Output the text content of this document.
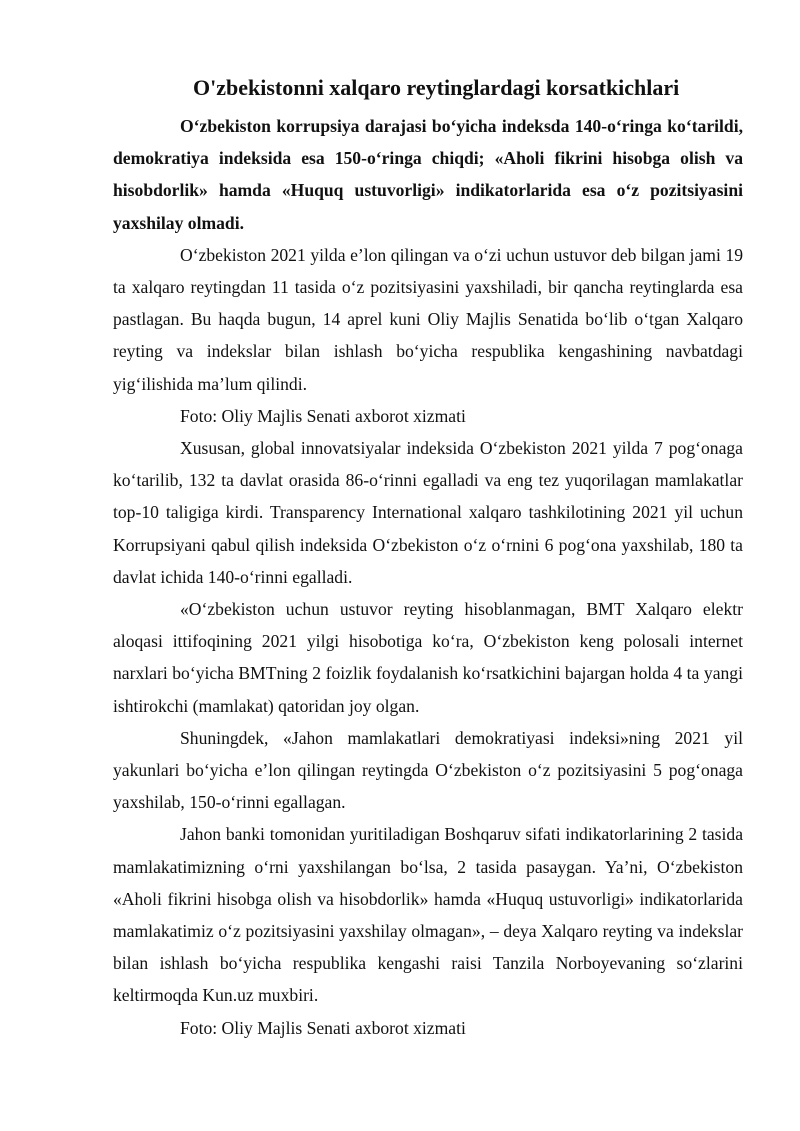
O'zbekistonni xalqaro reytinglardagi korsatkichlari

O‘zbekiston korrupsiya darajasi bo‘yicha indeksda 140-o‘ringa ko‘tarildi, demokratiya indeksida esa 150-o‘ringa chiqdi; «Aholi fikrini hisobga olish va hisobdorlik» hamda «Huquq ustuvorligi» indikatorlarida esa o‘z pozitsiyasini yaxshilay olmadi.

O‘zbekiston 2021 yilda e’lon qilingan va o‘zi uchun ustuvor deb bilgan jami 19 ta xalqaro reytingdan 11 tasida o‘z pozitsiyasini yaxshiladi, bir qancha reytinglarda esa pastlagan. Bu haqda bugun, 14 aprel kuni Oliy Majlis Senatida bo‘lib o‘tgan Xalqaro reyting va indekslar bilan ishlash bo‘yicha respublika kengashining navbatdagi yig‘ilishida ma’lum qilindi.

Foto: Oliy Majlis Senati axborot xizmati

Xususan, global innovatsiyalar indeksida O‘zbekiston 2021 yilda 7 pog‘onaga ko‘tarilib, 132 ta davlat orasida 86-o‘rinni egalladi va eng tez yuqorilagan mamlakatlar top-10 taligiga kirdi. Transparency International xalqaro tashkilotining 2021 yil uchun Korrupsiyani qabul qilish indeksida O‘zbekiston o‘z o‘rnini 6 pog‘ona yaxshilab, 180 ta davlat ichida 140-o‘rinni egalladi.

«O‘zbekiston uchun ustuvor reyting hisoblanmagan, BMT Xalqaro elektr aloqasi ittifoqining 2021 yilgi hisobotiga ko‘ra, O‘zbekiston keng polosali internet narxlari bo‘yicha BMTning 2 foizlik foydalanish ko‘rsatkichini bajargan holda 4 ta yangi ishtirokchi (mamlakat) qatoridan joy olgan.

Shuningdek, «Jahon mamlakatlari demokratiyasi indeksi»ning 2021 yil yakunlari bo‘yicha e’lon qilingan reytingda O‘zbekiston o‘z pozitsiyasini 5 pog‘onaga yaxshilab, 150-o‘rinni egallagan.

Jahon banki tomonidan yuritiladigan Boshqaruv sifati indikatorlarining 2 tasida mamlakatimizning o‘rni yaxshilangan bo‘lsa, 2 tasida pasaygan. Ya’ni, O‘zbekiston «Aholi fikrini hisobga olish va hisobdorlik» hamda «Huquq ustuvorligi» indikatorlarida mamlakatimiz o‘z pozitsiyasini yaxshilay olmagan», – deya Xalqaro reyting va indekslar bilan ishlash bo‘yicha respublika kengashi raisi Tanzila Norboyevaning so‘zlarini keltirmoqda Kun.uz muxbiri.

Foto: Oliy Majlis Senati axborot xizmati
